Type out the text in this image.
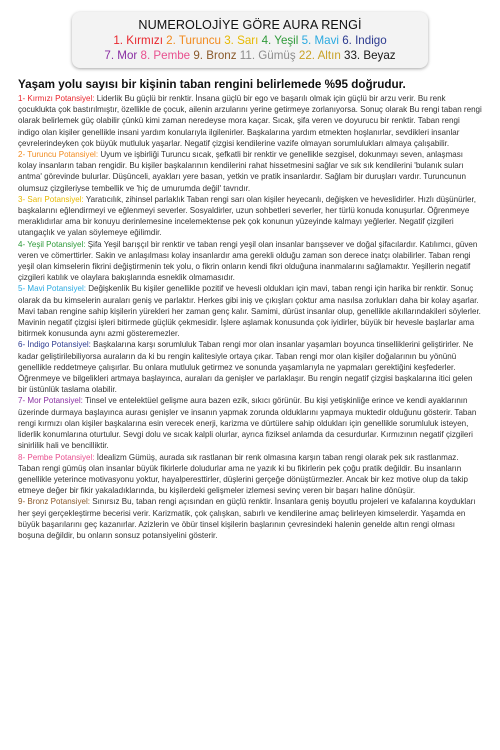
NUMEROLOJİYE GÖRE AURA RENGİ
1. Kırmızı 2. Turuncu 3. Sarı 4. Yeşil 5. Mavi 6. Indigo
7. Mor 8. Pembe 9. Bronz 11. Gümüş 22. Altın 33. Beyaz
Yaşam yolu sayısı bir kişinin taban rengini belirlemede %95 doğrudur.

1- Kırmızı Potansiyel: Liderlik Bu güçlü bir renktir. İnsana güçlü bir ego ve başarılı olmak için güçlü bir arzu verir. Bu renk çocuklukta çok bastırılmıştır, özellikle de çocuk, ailenin arzularını yerine getirmeye zorlanıyorsa. Sonuç olarak Bu rengi taban rengi olarak belirlemek güç olabilir çünkü kimi zaman neredeyse mora kaçar. Sıcak, şifa veren ve doyurucu bir renktir. Taban rengi indigo olan kişiler genellikle insani yardım konularıyla ilgilenirler. Başkalarına yardım etmekten hoşlanırlar, sevdikleri insanlar çevrelerindeyken çok büyük mutluluk yaşarlar. Negatif çizgisi kendilerine vazife olmayan sorumlulukları almaya çalışabilir.

2- Turuncu Potansiyel: Uyum ve işbirliği Turuncu sıcak, şefkatli bir renktir ve genellikle sezgisel, dokunmayı seven, anlaşması kolay insanların taban rengidir. Bu kişiler başkalarının kendilerini rahat hissetmesini sağlar ve sık sık kendilerini 'bulanık suları antma' görevinde bulurlar. Düşünceli, ayakları yere basan, yetkin ve pratik insanlardır. Sağlam bir duruşları vardır. Turuncunun olumsuz çizgileriyse tembellik ve 'hiç de umurumda değil' tavrıdır.

3- Sarı Potansiyel: Yaratıcılık, zihinsel parlaklık Taban rengi sarı olan kişiler heyecanlı, değişken ve heveslidirler. Hızlı düşünürler, başkalarını eğlendirmeyi ve eğlenmeyi severler. Sosyaldirler, uzun sohbetleri severler, her türlü konuda konuşurlar. Öğrenmeye meraklıdırlar ama bir konuyu derinlemesine incelemektense pek çok konunun yüzeyinde kalmayı yeğlerler. Negatif çizgileri utangaçlık ve yalan söylemeye eğilimdir.

4- Yeşil Potansiyel: Şifa Yeşil barışçıl bir renktir ve taban rengi yeşil olan insanlar barışsever ve doğal şifacılardır. Katılımcı, güven veren ve cömerttirler. Sakin ve anlaşılması kolay insanlardır ama gerekli olduğu zaman son derece inatçı olabilirler. Taban rengi yeşil olan kimselerin fikrini değiştirmenin tek yolu, o fikrin onların kendi fikri olduğuna inanmalarını sağlamaktır. Yeşillerin negatif çizgileri katılık ve olaylara bakışlarında esneklik olmamasıdır.

5- Mavi Potansiyel: Değişkenlik Bu kişiler genellikle pozitif ve hevesli oldukları için mavi, taban rengi için harika bir renktir. Sonuç olarak da bu kimselerin auraları geniş ve parlaktır. Herkes gibi iniş ve çıkışları çoktur ama nasılsa zorlukları daha bir kolay aşarlar. Mavi taban rengine sahip kişilerin yürekleri her zaman genç kalır. Samimi, dürüst insanlar olup, genellikle akıllarındakileri söylerler. Mavinin negatif çizgisi işleri bitirmede güçlük çekmesidir. İşlere aşlamak konusunda çok iyidirler, büyük bir hevesle başlarlar ama bitirmek konusunda aynı azmi gösteremezler.

6- İndigo Potansiyel: Başkalarına karşı sorumluluk Taban rengi mor olan insanlar yaşamları boyunca tinselliklerini geliştirirler. Ne kadar geliştirilebiliyorsa auraların da ki bu rengin kalitesiyle ortaya çıkar. Taban rengi mor olan kişiler doğalarının bu yönünü genellikle reddetmeye çalışırlar. Bu onlara mutluluk getirmez ve sonunda yaşamlarıyla ne yapmaları gerektiğini keşfederler. Öğrenmeye ve bilgelikleri artmaya başlayınca, auraları da genişler ve parlaklaşır. Bu rengin negatif çizgisi başkalarına itici gelen bir üstünlük taslama olabilir.

7- Mor Potansiyel: Tinsel ve entelektüel gelişme aura bazen ezik, sıkıcı görünür. Bu kişi yetişkinliğe erince ve kendi ayaklarının üzerinde durmaya başlayınca aurası genişler ve insanın yapmak zorunda olduklarını yapmaya muktedir olduğunu gösterir. Taban rengi kırmızı olan kişiler başkalarına esin verecek enerji, karizma ve dürtülere sahip oldukları için genellikle sorumluluk isteyen, liderlik konumlarına oturtulur. Sevgi dolu ve sıcak kalpli olurlar, ayrıca fiziksel anlamda da cesurdurlar. Kırmızının negatif çizgileri sinirlilik hali ve bencilliktir.

8- Pembe Potansiyel: İdealizm Gümüş, aurada sık rastlanan bir renk olmasına karşın taban rengi olarak pek sık rastlanmaz. Taban rengi gümüş olan insanlar büyük fikirlerle doludurlar ama ne yazık ki bu fikirlerin pek çoğu pratik değildir. Bu insanların genellikle yeterince motivasyonu yoktur, hayalperesttirler, düşlerini gerçeğe dönüştürmezler. Ancak bir kez motive olup da takip etmeye değer bir fikir yakaladıklarında, bu kişilerdeki gelişmeler izlemesi sevinç veren bir başarı haline dönüşür.

9- Bronz Potansiyel: Sınırsız Bu, taban rengi açısından en güçlü renktir. İnsanlara geniş boyutlu projeleri ve kafalarına koydukları her şeyi gerçekleştirme becerisi verir. Karizmatik, çok çalışkan, sabırlı ve kendilerine amaç belirleyen kimselerdir. Yaşamda en büyük başarılarını geç kazanırlar. Azizlerin ve öbür tinsel kişilerin başlarının çevresindeki halenin genelde altın rengi olması boşuna değildir, bu onların sonsuz potansiyelini gösterir.
